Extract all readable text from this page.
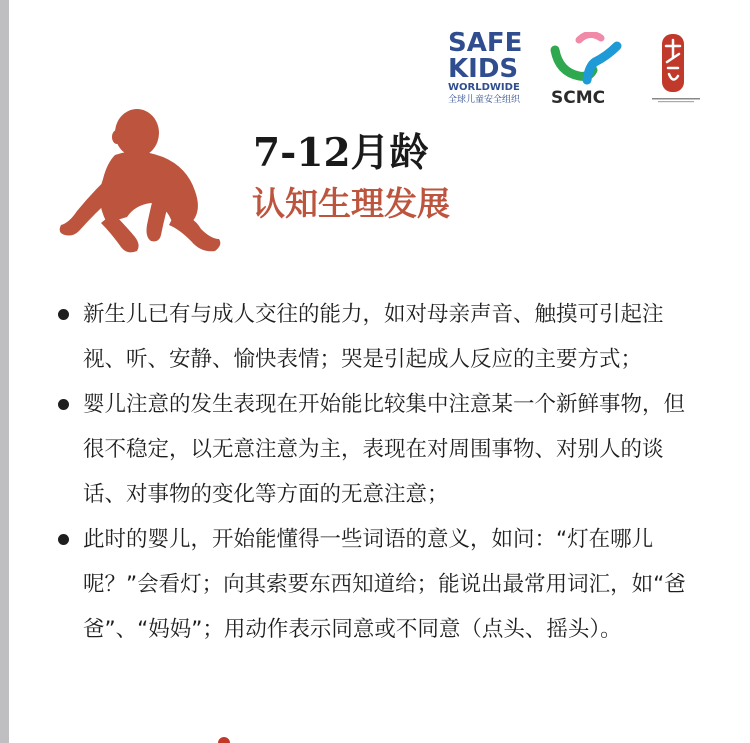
SAFE
KIDS
WORLDWIDE
全球儿童安全组织	SCMC
7-12月龄
认知生理发展
新生儿已有与成人交往的能力，如对母亲声音、触摸可引起注视、听、安静、愉快表情；哭是引起成人反应的主要方式；
婴儿注意的发生表现在开始能比较集中注意某一个新鲜事物，但很不稳定，以无意注意为主，表现在对周围事物、对别人的谈话、对事物的变化等方面的无意注意；
此时的婴儿，开始能懂得一些词语的意义，如问：“灯在哪儿呢？”会看灯；向其索要东西知道给；能说出最常用词汇，如“爸爸”、“妈妈”；用动作表示同意或不同意（点头、摇头）。
